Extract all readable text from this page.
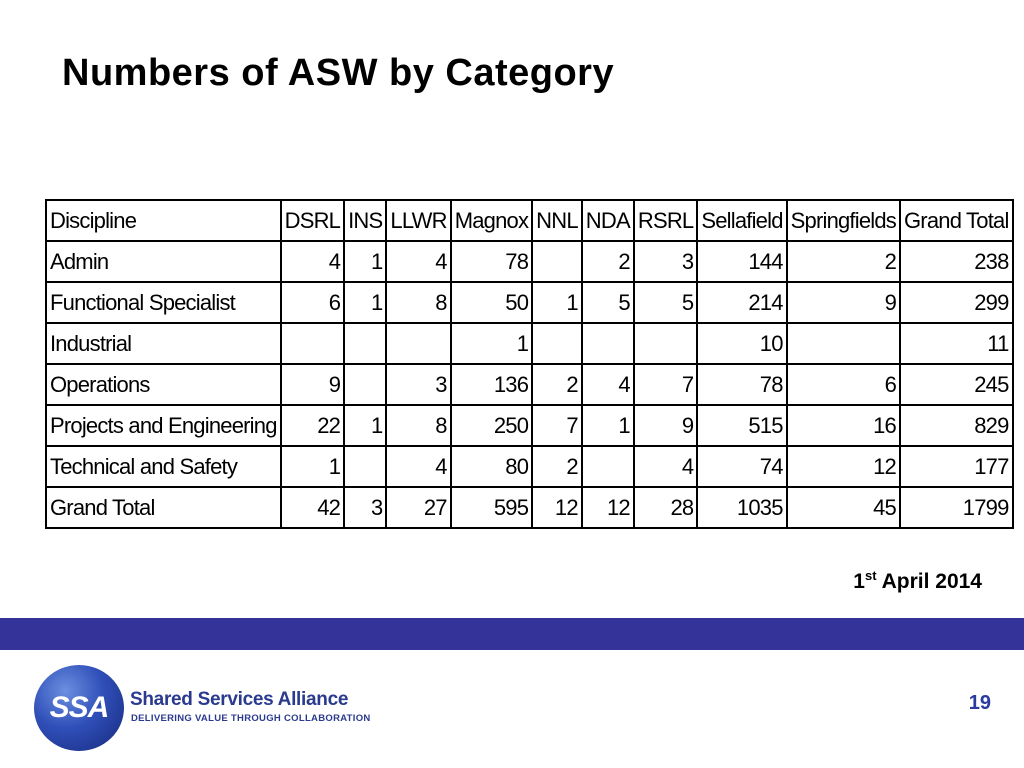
Numbers of ASW by Category
Discipline	DSRL	INS	LLWR	Magnox	NNL	NDA	RSRL	Sellafield	Springfields	Grand Total
Admin	4	1	4	78		2	3	144	2	238
Functional Specialist	6	1	8	50	1	5	5	214	9	299
Industrial				1				10		11
Operations	9		3	136	2	4	7	78	6	245
Projects and Engineering	22	1	8	250	7	1	9	515	16	829
Technical and Safety	1		4	80	2		4	74	12	177
Grand Total	42	3	27	595	12	12	28	1035	45	1799
1st April 2014
SSA	Shared Services Alliance
DELIVERING VALUE THROUGH COLLABORATION
19
